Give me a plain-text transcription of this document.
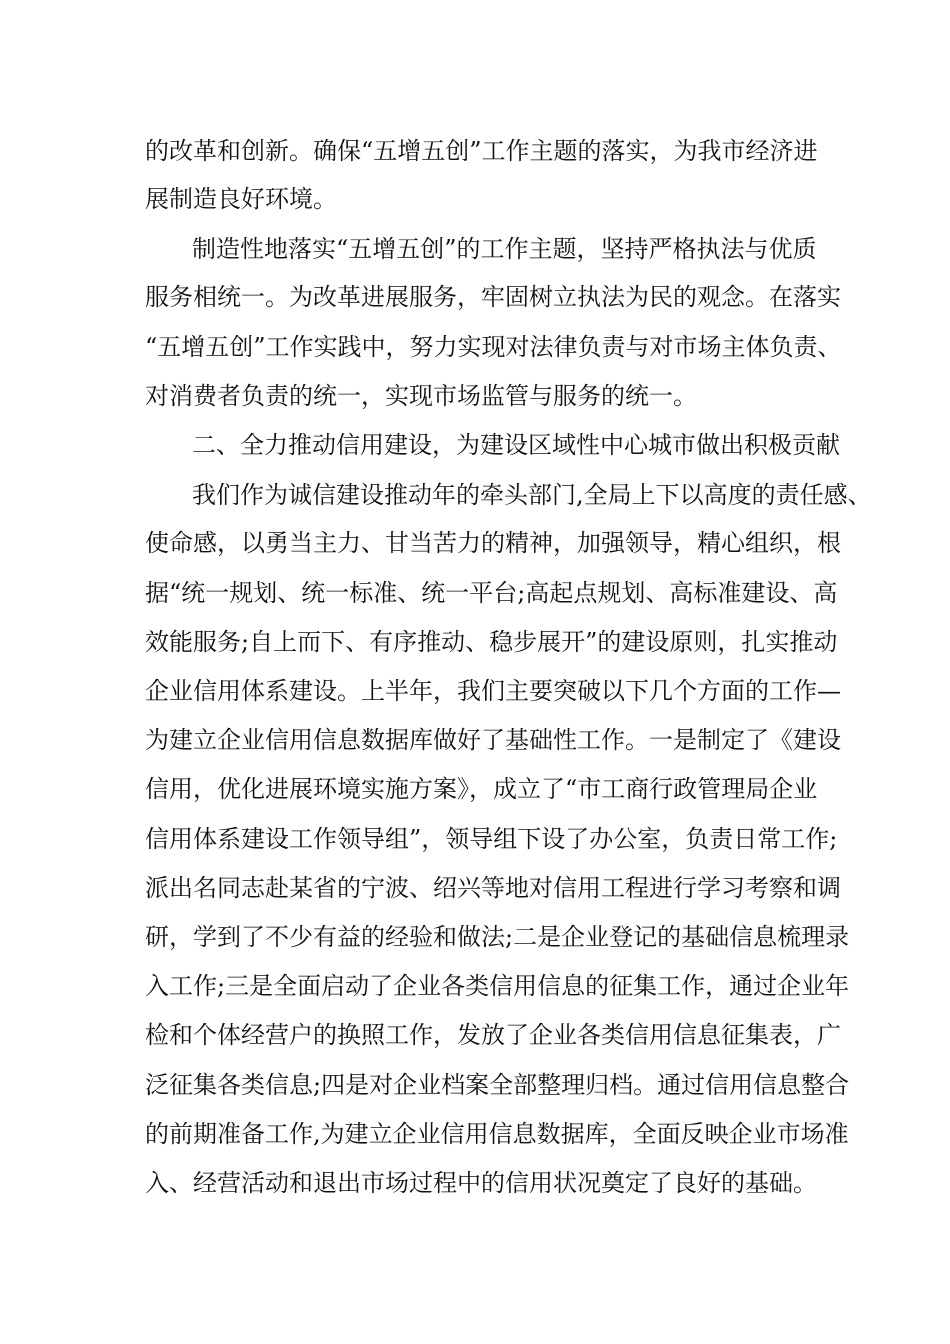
的改革和创新。确保“五增五创”工作主题的落实，为我市经济进
展制造良好环境。
制造性地落实“五增五创”的工作主题，坚持严格执法与优质
服务相统一。为改革进展服务，牢固树立执法为民的观念。在落实
“五增五创”工作实践中，努力实现对法律负责与对市场主体负责、
对消费者负责的统一，实现市场监管与服务的统一。
二、全力推动信用建设，为建设区域性中心城市做出积极贡献
我们作为诚信建设推动年的牵头部门,全局上下以高度的责任感、
使命感，以勇当主力、甘当苦力的精神，加强领导，精心组织，根
据“统一规划、统一标准、统一平台;高起点规划、高标准建设、高
效能服务;自上而下、有序推动、稳步展开”的建设原则，扎实推动
企业信用体系建设。上半年，我们主要突破以下几个方面的工作—
为建立企业信用信息数据库做好了基础性工作。一是制定了《建设
信用，优化进展环境实施方案》，成立了“市工商行政管理局企业
信用体系建设工作领导组”，领导组下设了办公室，负责日常工作;
派出名同志赴某省的宁波、绍兴等地对信用工程进行学习考察和调
研，学到了不少有益的经验和做法;二是企业登记的基础信息梳理录
入工作;三是全面启动了企业各类信用信息的征集工作，通过企业年
检和个体经营户的换照工作，发放了企业各类信用信息征集表，广
泛征集各类信息;四是对企业档案全部整理归档。通过信用信息整合
的前期准备工作,为建立企业信用信息数据库，全面反映企业市场准
入、经营活动和退出市场过程中的信用状况奠定了良好的基础。
